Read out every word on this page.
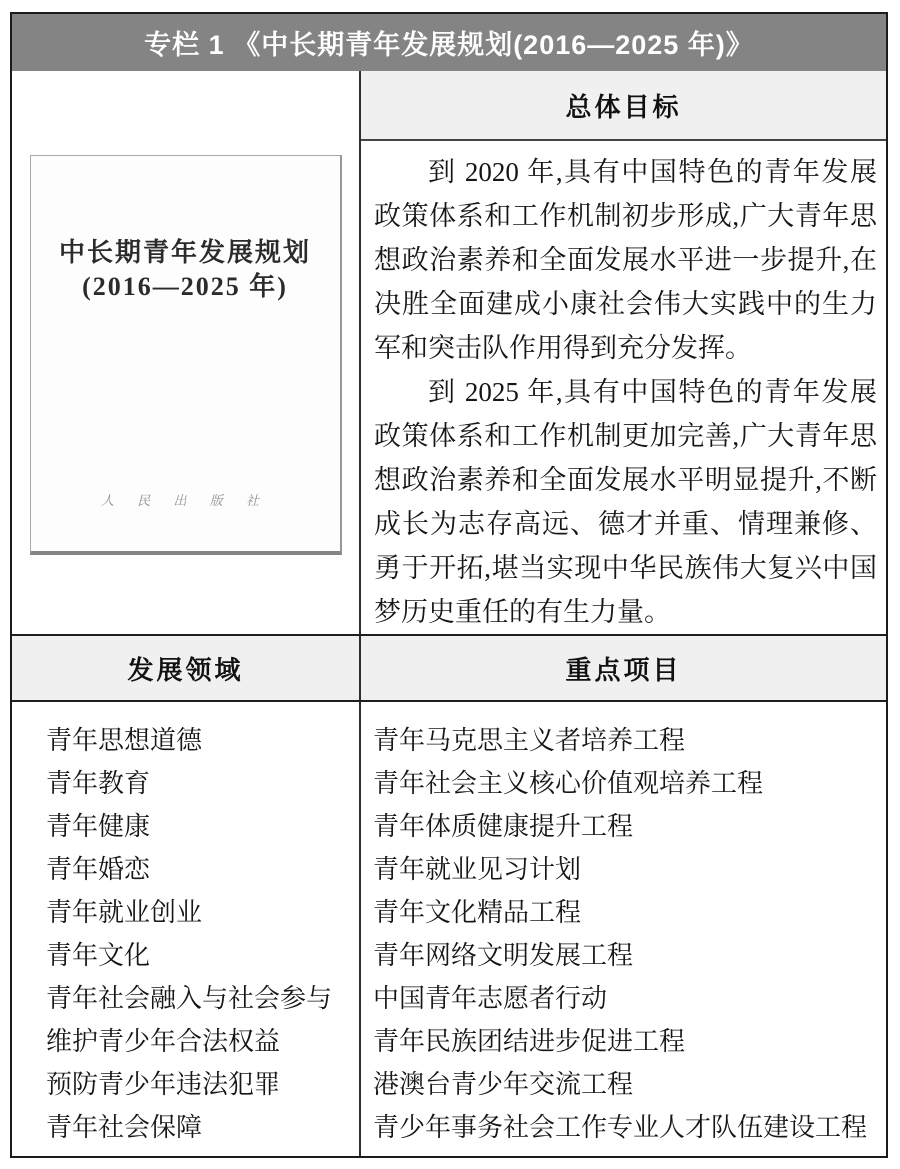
专栏 1 《中长期青年发展规划(2016—2025 年)》
中长期青年发展规划
(2016—2025 年)
人 民 出 版 社
总体目标

到 2020 年,具有中国特色的青年发展政策体系和工作机制初步形成,广大青年思想政治素养和全面发展水平进一步提升,在决胜全面建成小康社会伟大实践中的生力军和突击队作用得到充分发挥。

到 2025 年,具有中国特色的青年发展政策体系和工作机制更加完善,广大青年思想政治素养和全面发展水平明显提升,不断成长为志存高远、德才并重、情理兼修、勇于开拓,堪当实现中华民族伟大复兴中国梦历史重任的有生力量。

发展领域	重点项目
青年思想道德
青年教育
青年健康
青年婚恋
青年就业创业
青年文化
青年社会融入与社会参与
维护青少年合法权益
预防青少年违法犯罪
青年社会保障
青年马克思主义者培养工程
青年社会主义核心价值观培养工程
青年体质健康提升工程
青年就业见习计划
青年文化精品工程
青年网络文明发展工程
中国青年志愿者行动
青年民族团结进步促进工程
港澳台青少年交流工程
青少年事务社会工作专业人才队伍建设工程
